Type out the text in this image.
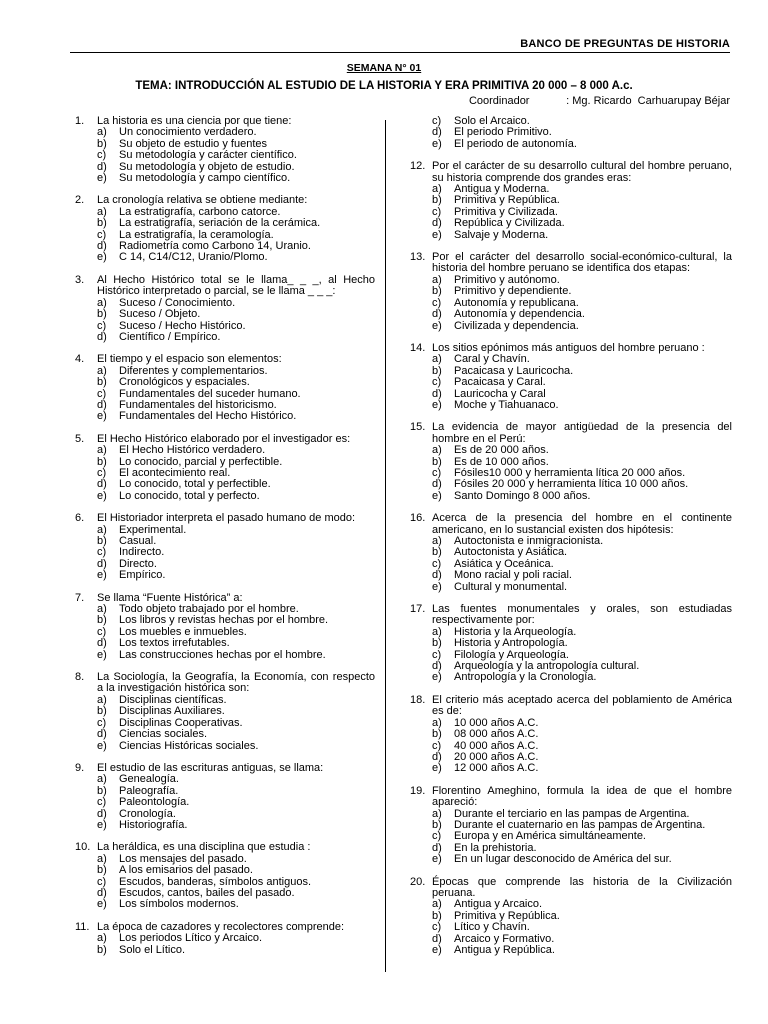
BANCO DE PREGUNTAS DE HISTORIA
SEMANA N° 01
TEMA: INTRODUCCIÓN AL ESTUDIO DE LA HISTORIA Y ERA PRIMITIVA 20 000 – 8 000 A.c.
Coordinador            : Mg. Ricardo  Carhuarupay Béjar
1.	La historia es una ciencia por que tiene:
a)	Un conocimiento verdadero.
b)	Su objeto de estudio y fuentes
c)	Su metodología y carácter científico.
d)	Su metodología y objeto de estudio.
e)	Su metodología y campo científico.
2.	La cronología relativa se obtiene mediante:
a)	La estratigrafía, carbono catorce.
b)	La estratigrafía, seriación de la cerámica.
c)	La estratigrafía, la ceramología.
d)	Radiometría como Carbono 14, Uranio.
e)	C 14, C14/C12, Uranio/Plomo.
3.	Al Hecho Histórico total se le llama_ _ _, al Hecho Histórico interpretado o parcial, se le llama _ _ _:
a)	Suceso / Conocimiento.
b)	Suceso / Objeto.
c)	Suceso / Hecho Histórico.
d)	Científico / Empírico.
4.	El tiempo y el espacio son elementos:
a)	Diferentes y complementarios.
b)	Cronológicos y espaciales.
c)	Fundamentales del suceder humano.
d)	Fundamentales del historicismo.
e)	Fundamentales del Hecho Histórico.
5.	El Hecho Histórico elaborado por el investigador es:
a)	El Hecho Histórico verdadero.
b)	Lo conocido, parcial y perfectible.
c)	El acontecimiento real.
d)	Lo conocido, total y perfectible.
e)	Lo conocido, total y perfecto.
6.	El Historiador interpreta el pasado humano de modo:
a)	Experimental.
b)	Casual.
c)	Indirecto.
d)	Directo.
e)	Empírico.
7.	Se llama “Fuente Histórica” a:
a)	Todo objeto trabajado por el hombre.
b)	Los libros y revistas hechas por el hombre.
c)	Los muebles e inmuebles.
d)	Los textos irrefutables.
e)	Las construcciones hechas por el hombre.
8.	La Sociología, la Geografía, la Economía, con respecto a la investigación histórica son:
a)	Disciplinas científicas.
b)	Disciplinas Auxiliares.
c)	Disciplinas Cooperativas.
d)	Ciencias sociales.
e)	Ciencias Históricas sociales.
9.	El estudio de las escrituras antiguas, se llama:
a)	Genealogía.
b)	Paleografía.
c)	Paleontología.
d)	Cronología.
e)	Historiografía.
10. La heráldica, es una disciplina que estudia :
a)	Los mensajes del pasado.
b)	A los emisarios del pasado.
c)	Escudos, banderas, símbolos antiguos.
d)	Escudos, cantos, bailes del pasado.
e)	Los símbolos modernos.
11. La época de cazadores y recolectores comprende:
a)	Los periodos Lítico y Arcaico.
b)	Solo el Lítico.
c)	Solo el Arcaico.
d)	El periodo Primitivo.
e)	El periodo de autonomía.
12. Por el carácter de su desarrollo cultural del hombre peruano, su historia comprende dos grandes eras:
a)	Antigua y Moderna.
b)	Primitiva y República.
c)	Primitiva y Civilizada.
d)	República y Civilizada.
e)	Salvaje y Moderna.
13. Por el carácter del desarrollo social-económico-cultural, la historia del hombre peruano se identifica dos etapas:
a)	Primitivo y autónomo.
b)	Primitivo y dependiente.
c)	Autonomía y republicana.
d)	Autonomía y dependencia.
e)	Civilizada y dependencia.
14. Los sitios epónimos más antiguos del hombre peruano :
a)	Caral y Chavín.
b)	Pacaicasa y Lauricocha.
c)	Pacaicasa y Caral.
d)	Lauricocha y Caral
e)	Moche y Tiahuanaco.
15. La evidencia de mayor antigüedad de la presencia del hombre en el Perú:
a)	Es de 20 000 años.
b)	Es de 10 000 años.
c)	Fósiles10 000 y herramienta lítica 20 000 años.
d)	Fósiles 20 000 y herramienta lítica 10 000 años.
e)	Santo Domingo 8 000 años.
16. Acerca de la presencia del hombre en el continente americano, en lo sustancial existen dos hipótesis:
a)	Autoctonista e inmigracionista.
b)	Autoctonista y Asiática.
c)	Asiática y Oceánica.
d)	Mono racial y poli racial.
e)	Cultural y monumental.
17. Las fuentes monumentales y orales, son estudiadas respectivamente por:
a)	Historia y la Arqueología.
b)	Historia y Antropología.
c)	Filología y Arqueología.
d)	Arqueología y la antropología cultural.
e)	Antropología y la Cronología.
18. El criterio más aceptado acerca del poblamiento de América es de:
a)	10 000 años A.C.
b)	08 000 años A.C.
c)	40 000 años A.C.
d)	20 000 años A.C.
e)	12 000 años A.C.
19. Florentino Ameghino, formula la idea de que el hombre apareció:
a)	Durante el terciario en las pampas de Argentina.
b)	Durante el cuaternario en las pampas de Argentina.
c)	Europa y en América simultáneamente.
d)	En la prehistoria.
e)	En un lugar desconocido de América del sur.
20. Épocas que comprende las historia de la Civilización peruana.
a)	Antigua y Arcaico.
b)	Primitiva y República.
c)	Lítico y Chavín.
d)	Arcaico y Formativo.
e)	Antigua y República.
